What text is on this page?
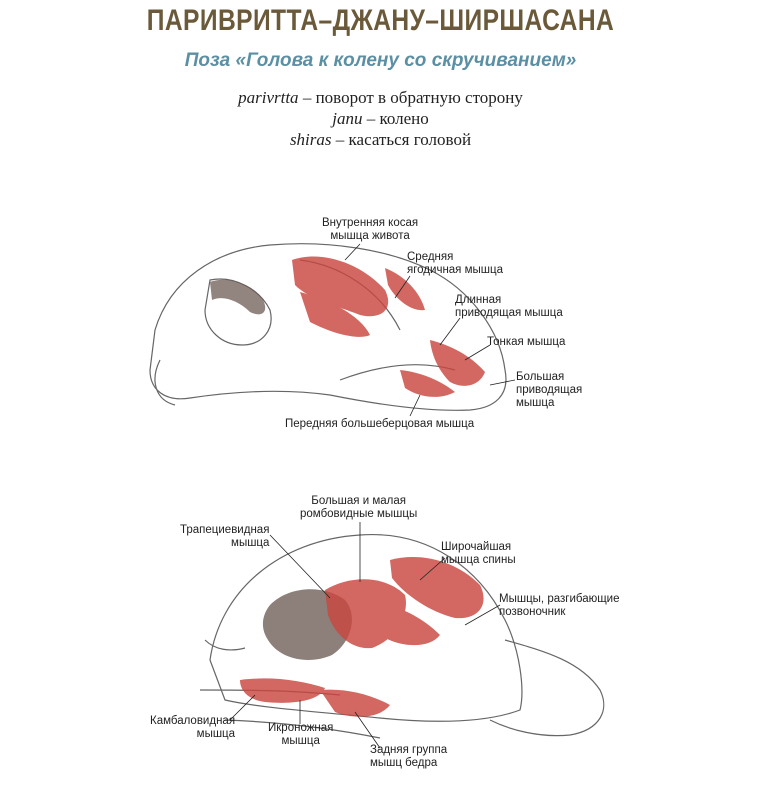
ПАРИВРИТТА–ДЖАНУ–ШИРШАСАНА
Поза «Голова к колену со скручиванием»
parivrtta – поворот в обратную сторону
janu – колено
shiras – касаться головой
Внутренняя косая
мышца живота
Средняя
ягодичная мышца
Длинная
приводящая мышца
Тонкая мышца
Большая
приводящая
мышца
Передняя большеберцовая мышца
Большая и малая
ромбовидные мышцы
Трапециевидная
мышца	Широчайшая
мышца спины
Мышцы, разгибающие
позвоночник
Камбаловидная
мышца	Икроножная
мышца
Задняя группа
мышц бедра
